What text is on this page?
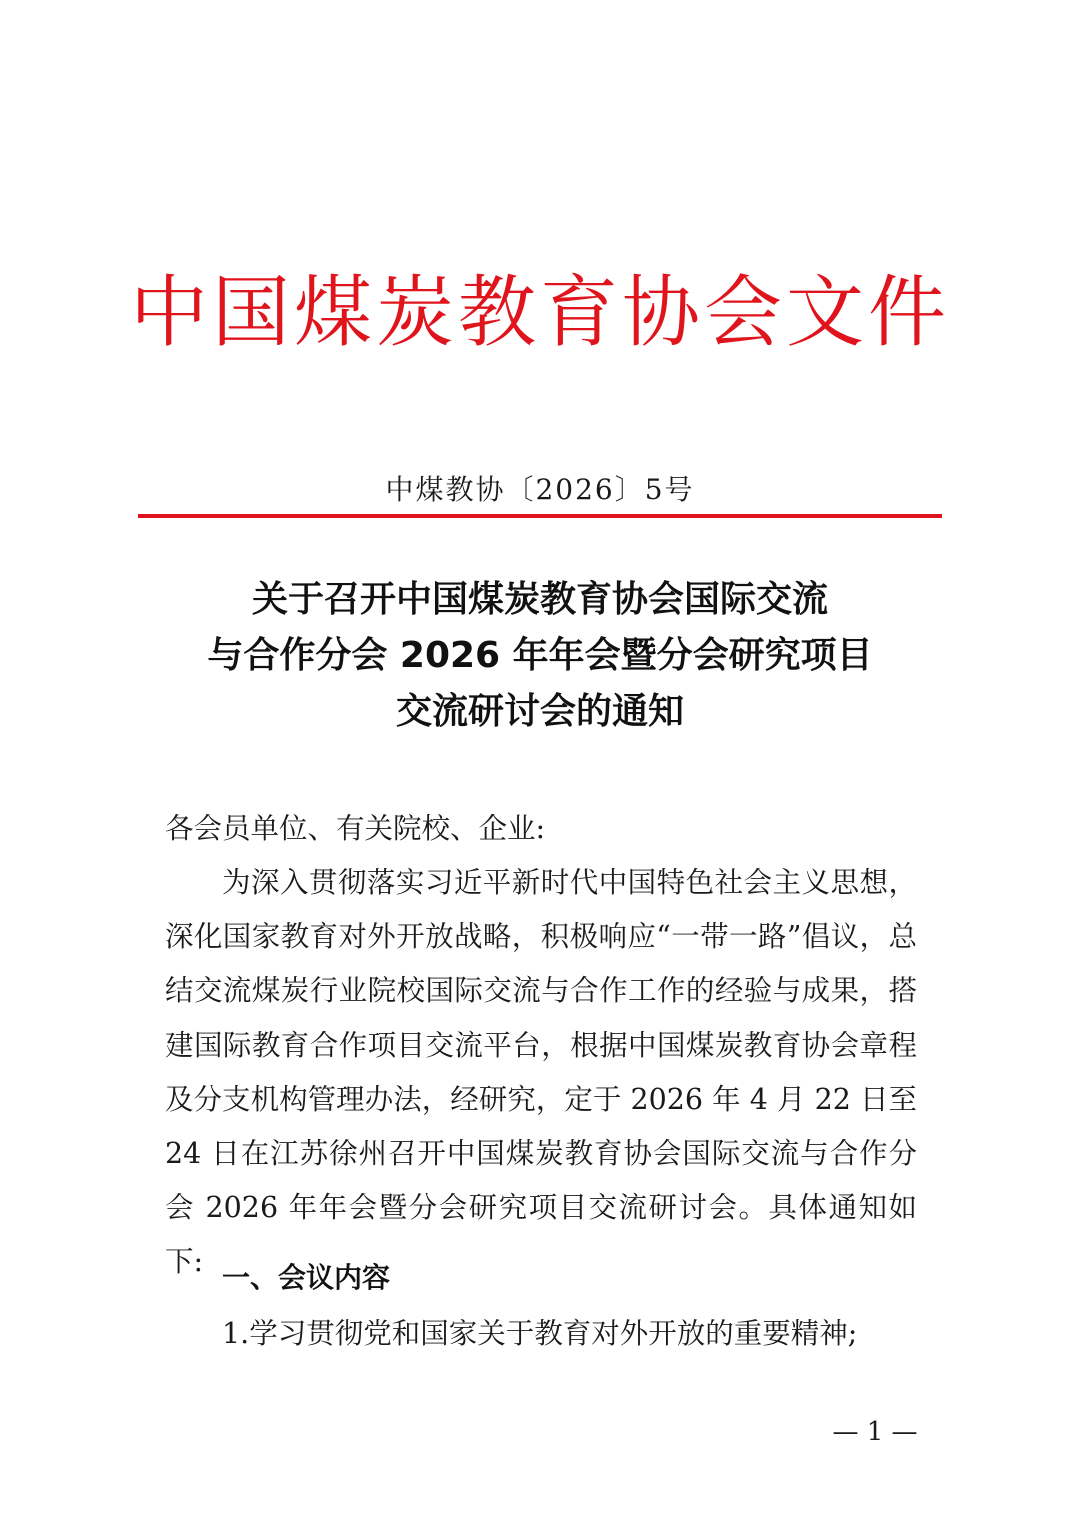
中国煤炭教育协会文件
中煤教协〔2026〕5号
关于召开中国煤炭教育协会国际交流
与合作分会 2026 年年会暨分会研究项目
交流研讨会的通知
各会员单位、有关院校、企业:
为深入贯彻落实习近平新时代中国特色社会主义思想，深化国家教育对外开放战略，积极响应“一带一路”倡议，总结交流煤炭行业院校国际交流与合作工作的经验与成果，搭建国际教育合作项目交流平台，根据中国煤炭教育协会章程及分支机构管理办法，经研究，定于 2026 年 4 月 22 日至 24 日在江苏徐州召开中国煤炭教育协会国际交流与合作分会 2026 年年会暨分会研究项目交流研讨会。具体通知如下: 一、会议内容
1.学习贯彻党和国家关于教育对外开放的重要精神;
— 1 —
